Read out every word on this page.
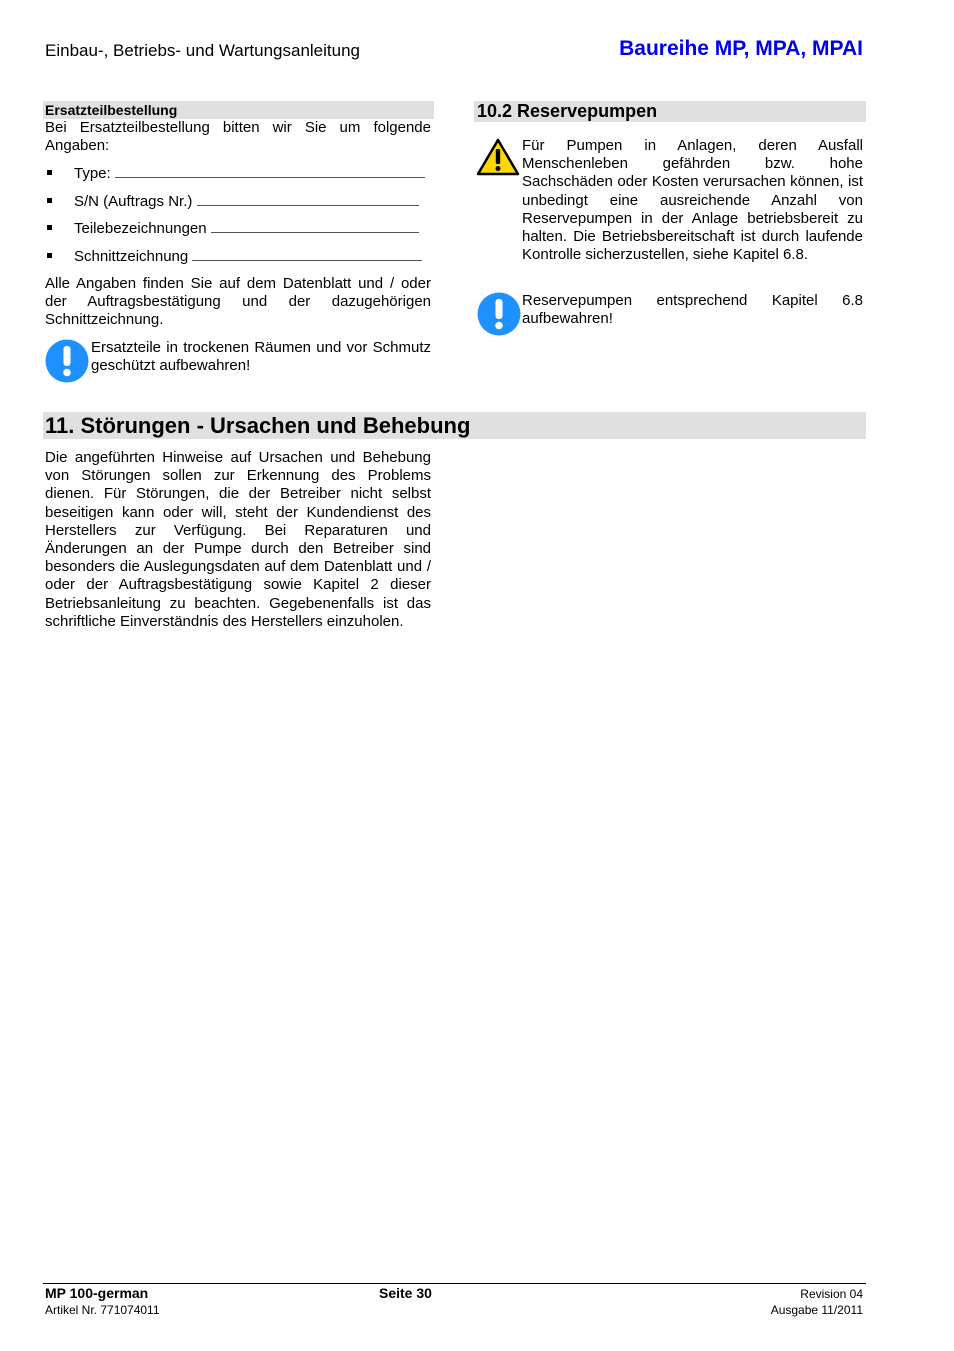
Einbau-, Betriebs- und Wartungsanleitung	Baureihe MP, MPA, MPAI
Ersatzteilbestellung
Bei Ersatzteilbestellung bitten wir Sie um folgende Angaben:
Type:
S/N (Auftrags Nr.)
Teilebezeichnungen
Schnittzeichnung
Alle Angaben finden Sie auf dem Datenblatt und / oder der Auftragsbestätigung und der dazugehörigen Schnittzeichnung.
Ersatzteile in trockenen Räumen und vor Schmutz geschützt aufbewahren!
10.2 Reservepumpen
Für Pumpen in Anlagen, deren Ausfall Menschenleben gefährden bzw. hohe Sachschäden oder Kosten verursachen können, ist unbedingt eine ausreichende Anzahl von Reservepumpen in der Anlage betriebsbereit zu halten. Die Betriebsbereitschaft ist durch laufende Kontrolle sicherzustellen, siehe Kapitel 6.8.
Reservepumpen entsprechend Kapitel 6.8 aufbewahren!
11. Störungen - Ursachen und Behebung
Die angeführten Hinweise auf Ursachen und Behebung von Störungen sollen zur Erkennung des Problems dienen. Für Störungen, die der Betreiber nicht selbst beseitigen kann oder will, steht der Kundendienst des Herstellers zur Verfügung. Bei Reparaturen und Änderungen an der Pumpe durch den Betreiber sind besonders die Auslegungsdaten auf dem Datenblatt und / oder der Auftragsbestätigung sowie Kapitel 2 dieser Betriebsanleitung zu beachten. Gegebenenfalls ist das schriftliche Einverständnis des Herstellers einzuholen.
MP 100-german
Artikel Nr. 771074011
Seite 30	Revision 04
Ausgabe 11/2011
